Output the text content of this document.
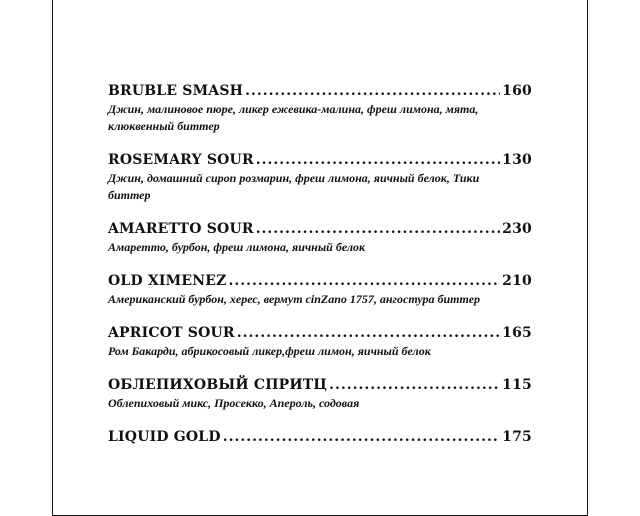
BRUBLE SMASH .....	160
Джин, малиновое пюре, ликер ежевика-малина, фреш лимона, мята, клюквенный биттер
ROSEMARY SOUR .....	130
Джин, домашний сироп розмарин, фреш лимона, яичный белок, Тики биттер
AMARETTO SOUR .....	230
Амаретто, бурбон, фреш лимона, яичный белок
OLD XIMENEZ .....	210
Американский бурбон, херес, вермут cinZano 1757, ангостура биттер
APRICOT SOUR .....	165
Ром Бакарди, абрикосовый ликер,фреш лимон, яичный белок
ОБЛЕПИХОВЫЙ СПРИТЦ .....	115
Облепиховый микс, Просекко, Апероль, содовая
LIQUID GOLD .....	175
